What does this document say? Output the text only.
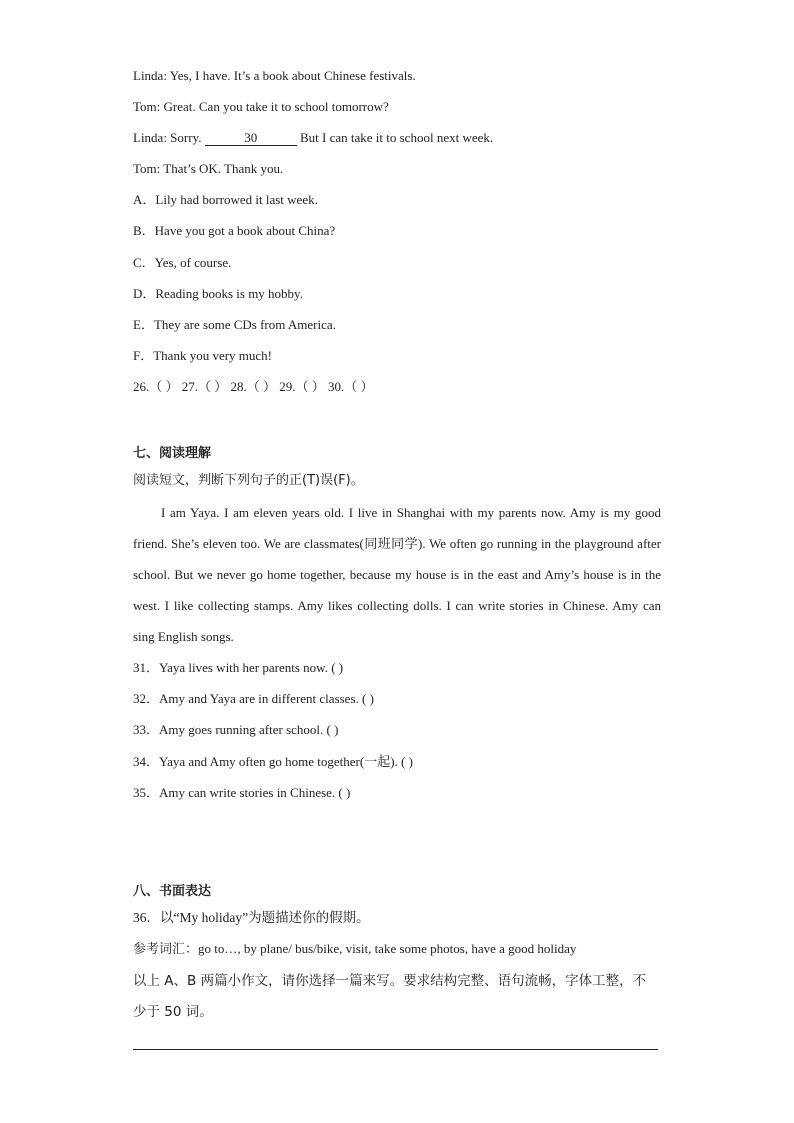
Linda: Yes, I have. It’s a book about Chinese festivals.
Tom: Great. Can you take it to school tomorrow?
Linda: Sorry.	30	But I can take it to school next week.
Tom: That’s OK. Thank you.
A．Lily had borrowed it last week.
B．Have you got a book about China?
C．Yes, of course.
D．Reading books is my hobby.
E．They are some CDs from America.
F．Thank you very much!
26.（ ） 27.（ ） 28.（ ） 29.（ ） 30.（ ）
七、阅读理解
阅读短文，判断下列句子的正(T)误(F)。
I am Yaya. I am eleven years old. I live in Shanghai with my parents now. Amy is my good friend. She’s eleven too. We are classmates(同班同学). We often go running in the playground after school. But we never go home together, because my house is in the east and Amy’s house is in the west. I like collecting stamps. Amy likes collecting dolls. I can write stories in Chinese. Amy can sing English songs.
31．Yaya lives with her parents now. ( )
32．Amy and Yaya are in different classes. ( )
33．Amy goes running after school. ( )
34．Yaya and Amy often go home together(一起). ( )
35．Amy can write stories in Chinese. ( )
八、书面表达
36．以“My holiday”为题描述你的假期。
参考词汇：go to…, by plane/ bus/bike, visit, take some photos, have a good holiday
以上 A、B 两篇小作文，请你选择一篇来写。要求结构完整、语句流畅，字体工整，不
少于 50 词。
